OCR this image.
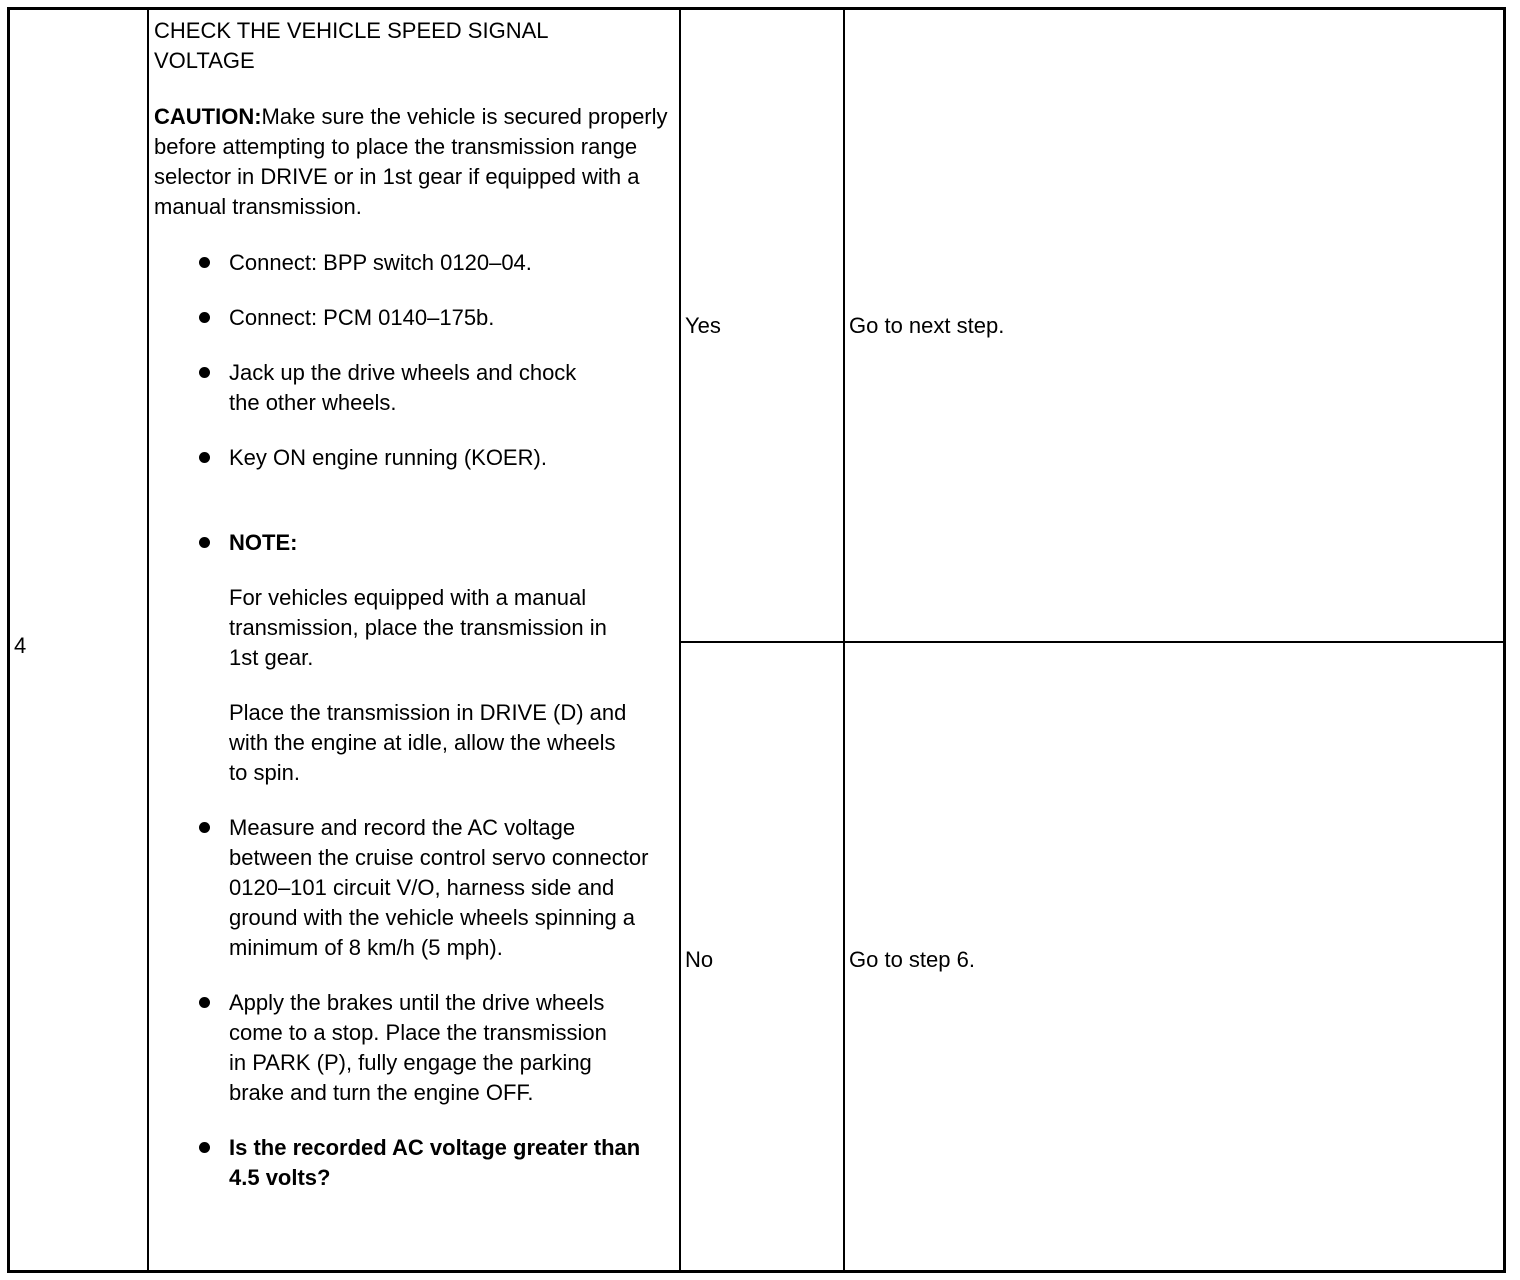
4

CHECK THE VEHICLE SPEED SIGNAL
VOLTAGE

CAUTION:Make sure the vehicle is secured properly before attempting to place the transmission range selector in DRIVE or in 1st gear if equipped with a manual transmission.

Connect: BPP switch 0120–04.
Connect: PCM 0140–175b.
Jack up the drive wheels and chock the other wheels.
Key ON engine running (KOER).

NOTE:

For vehicles equipped with a manual transmission, place the transmission in 1st gear.

Place the transmission in DRIVE (D) and with the engine at idle, allow the wheels to spin.

Measure and record the AC voltage between the cruise control servo connector 0120–101 circuit V/O, harness side and ground with the vehicle wheels spinning a minimum of 8 km/h (5 mph).
Apply the brakes until the drive wheels come to a stop. Place the transmission in PARK (P), fully engage the parking brake and turn the engine OFF.
Is the recorded AC voltage greater than 4.5 volts?
Yes	Go to next step.
No	Go to step 6.
